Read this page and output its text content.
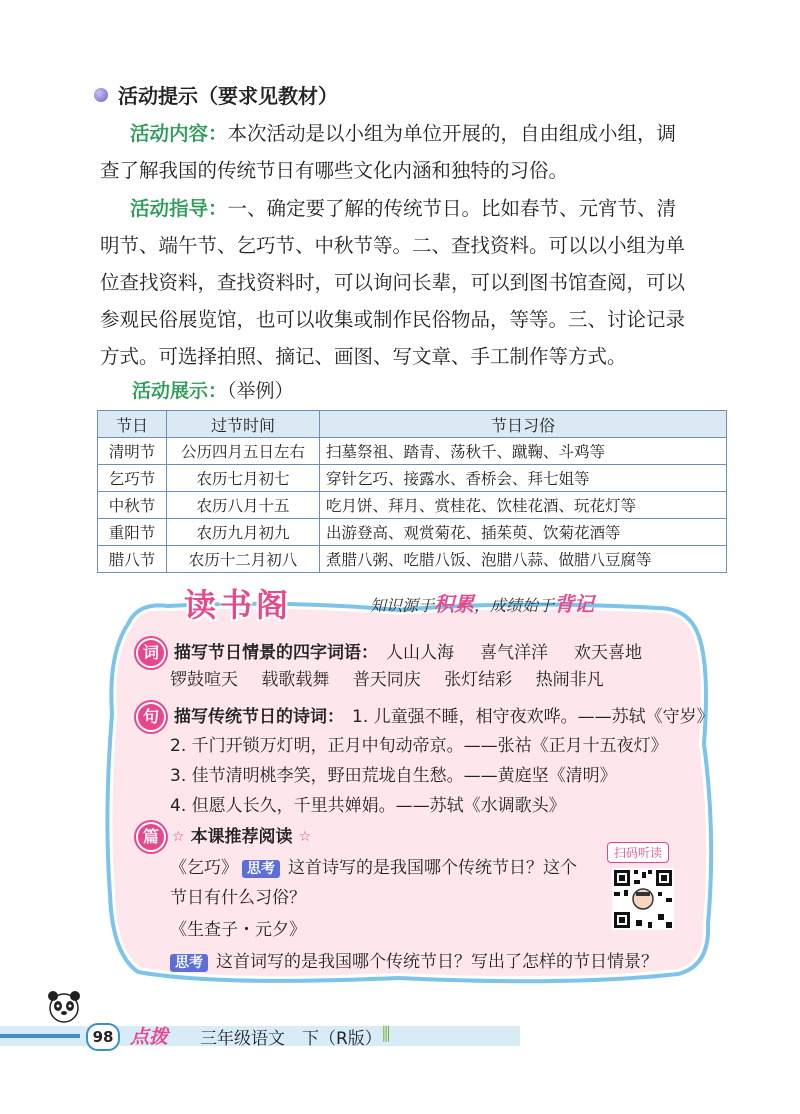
活动提示（要求见教材）
活动内容：本次活动是以小组为单位开展的，自由组成小组，调
查了解我国的传统节日有哪些文化内涵和独特的习俗。
活动指导：一、确定要了解的传统节日。比如春节、元宵节、清
明节、端午节、乞巧节、中秋节等。二、查找资料。可以以小组为单
位查找资料，查找资料时，可以询问长辈，可以到图书馆查阅，可以
参观民俗展览馆，也可以收集或制作民俗物品，等等。三、讨论记录
方式。可选择拍照、摘记、画图、写文章、手工制作等方式。
活动展示：（举例）
节日	过节时间	节日习俗
清明节	公历四月五日左右	扫墓祭祖、踏青、荡秋千、蹴鞠、斗鸡等
乞巧节	农历七月初七	穿针乞巧、接露水、香桥会、拜七姐等
中秋节	农历八月十五	吃月饼、拜月、赏桂花、饮桂花酒、玩花灯等
重阳节	农历九月初九	出游登高、观赏菊花、插茱萸、饮菊花酒等
腊八节	农历十二月初八	煮腊八粥、吃腊八饭、泡腊八蒜、做腊八豆腐等
读书阁	知识源于积累，成绩始于背记
词 描写节日情景的四字词语： 人山人海 喜气洋洋 欢天喜地
锣鼓喧天 载歌载舞 普天同庆 张灯结彩 热闹非凡
句 描写传统节日的诗词： 1. 儿童强不睡，相守夜欢哗。——苏轼《守岁》
2. 千门开锁万灯明，正月中旬动帝京。——张祜《正月十五夜灯》
3. 佳节清明桃李笑，野田荒垅自生愁。——黄庭坚《清明》
4. 但愿人长久，千里共婵娟。——苏轼《水调歌头》
篇 ☆ 本课推荐阅读 ☆
《乞巧》 思考 这首诗写的是我国哪个传统节日？这个
节日有什么习俗？
《生查子・元夕》
思考 这首词写的是我国哪个传统节日？写出了怎样的节日情景？
扫码听读
98 点拨 三年级语文　下（R版） ⫼
